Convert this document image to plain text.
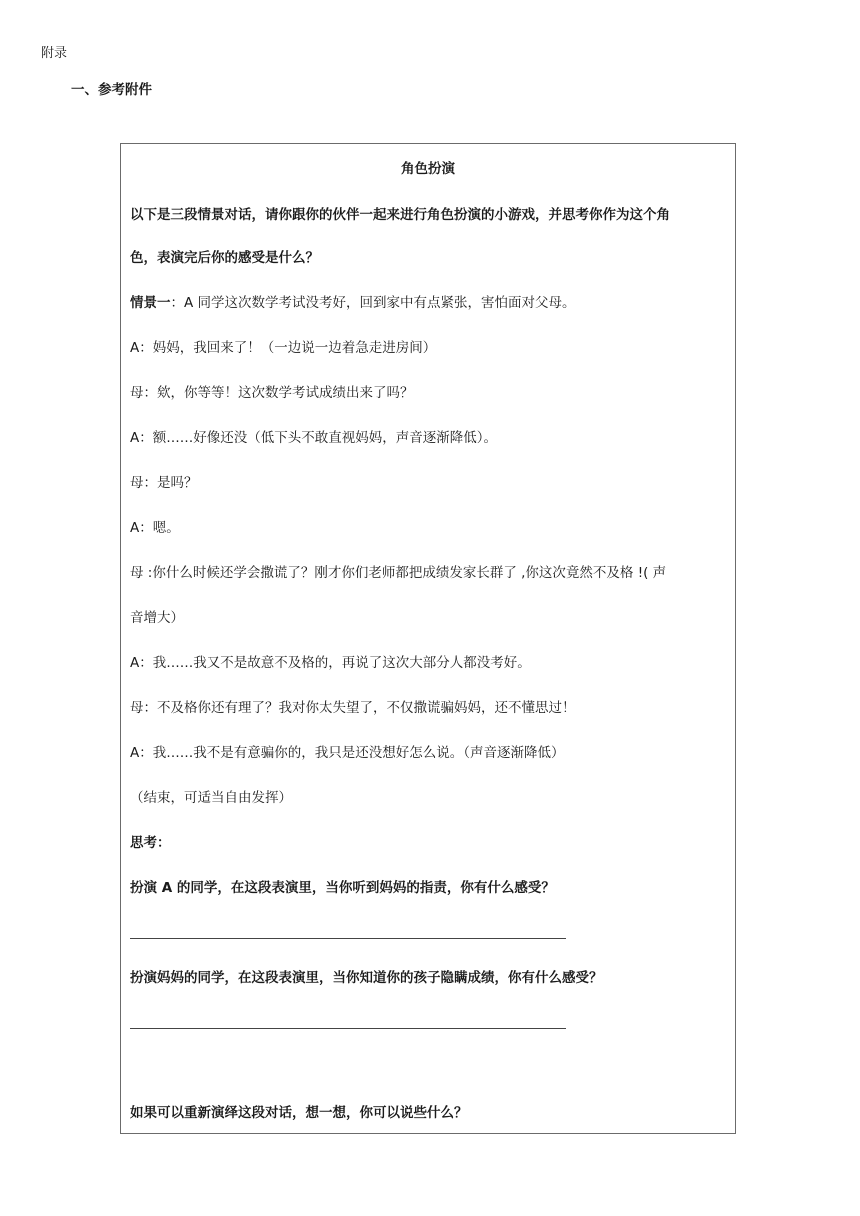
附录
一、参考附件
角色扮演
以下是三段情景对话，请你跟你的伙伴一起来进行角色扮演的小游戏，并思考你作为这个角
色，表演完后你的感受是什么？
情景一：A 同学这次数学考试没考好，回到家中有点紧张，害怕面对父母。
A：妈妈，我回来了！（一边说一边着急走进房间）
母：欸，你等等！这次数学考试成绩出来了吗？
A：额……好像还没（低下头不敢直视妈妈，声音逐渐降低）。
母：是吗？
A：嗯。
母 :你什么时候还学会撒谎了？刚才你们老师都把成绩发家长群了 ,你这次竟然不及格 !( 声
音增大）
A：我……我又不是故意不及格的，再说了这次大部分人都没考好。
母：不及格你还有理了？我对你太失望了，不仅撒谎骗妈妈，还不懂思过！
A：我……我不是有意骗你的，我只是还没想好怎么说。（声音逐渐降低）
（结束，可适当自由发挥）
思考：
扮演 A 的同学，在这段表演里，当你听到妈妈的指责，你有什么感受？
扮演妈妈的同学，在这段表演里，当你知道你的孩子隐瞒成绩，你有什么感受？
如果可以重新演绎这段对话，想一想，你可以说些什么？
